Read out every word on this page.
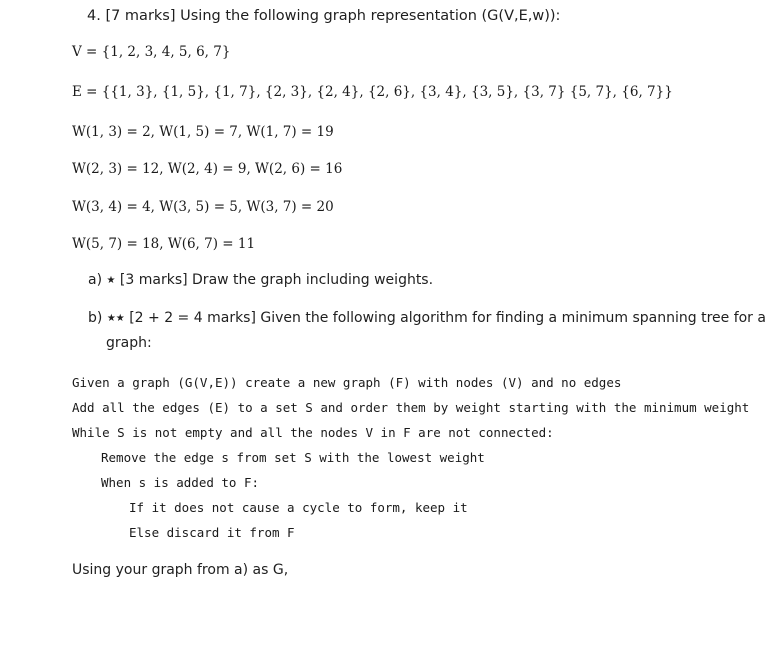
4. [7 marks] Using the following graph representation (G(V,E,w)):
V = {1, 2, 3, 4, 5, 6, 7}
E = {{1, 3}, {1, 5}, {1, 7}, {2, 3}, {2, 4}, {2, 6}, {3, 4}, {3, 5}, {3, 7} {5, 7}, {6, 7}}
W(1, 3) = 2, W(1, 5) = 7, W(1, 7) = 19
W(2, 3) = 12, W(2, 4) = 9, W(2, 6) = 16
W(3, 4) = 4, W(3, 5) = 5, W(3, 7) = 20
W(5, 7) = 18, W(6, 7) = 11
a) ★ [3 marks] Draw the graph including weights.
b) ★★ [2 + 2 = 4 marks] Given the following algorithm for finding a minimum spanning tree for a
graph:
Given a graph (G(V,E)) create a new graph (F) with nodes (V) and no edges
Add all the edges (E) to a set S and order them by weight starting with the minimum weight
While S is not empty and all the nodes V in F are not connected:
Remove the edge s from set S with the lowest weight
When s is added to F:
If it does not cause a cycle to form, keep it
Else discard it from F
Using your graph from a) as G,
